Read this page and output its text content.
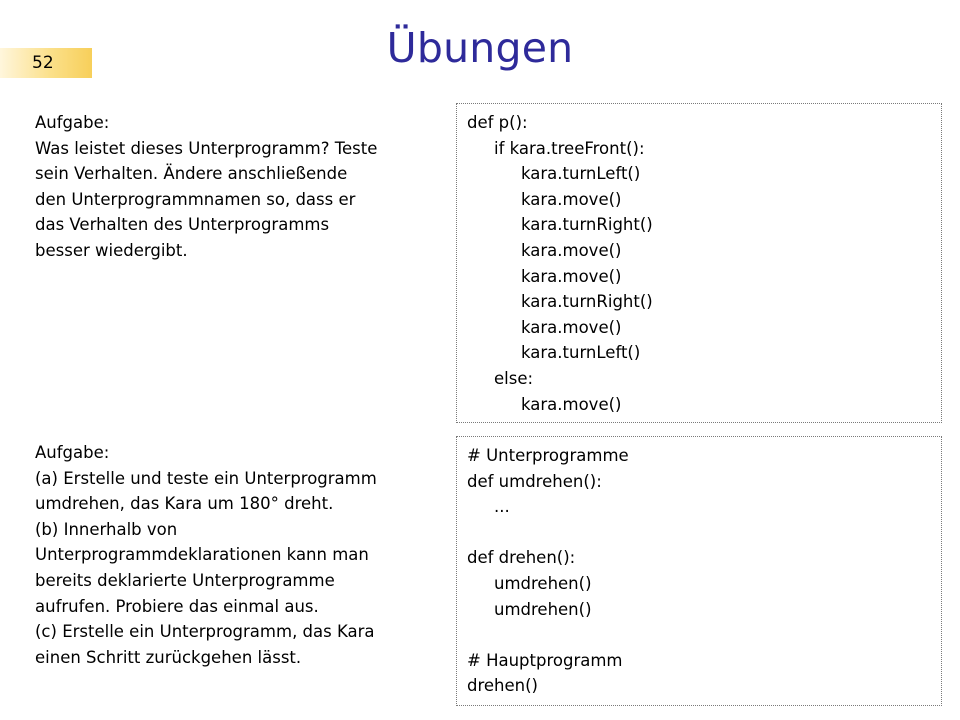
52	Übungen
Aufgabe:
Was leistet dieses Unterprogramm? Teste
sein Verhalten. Ändere anschließende
den Unterprogrammnamen so, dass er
das Verhalten des Unterprogramms
besser wiedergibt.
def p():
if kara.treeFront():
kara.turnLeft()
kara.move()
kara.turnRight()
kara.move()
kara.move()
kara.turnRight()
kara.move()
kara.turnLeft()
else:
kara.move()
Aufgabe:
(a) Erstelle und teste ein Unterprogramm
umdrehen, das Kara um 180° dreht.
(b) Innerhalb von
Unterprogrammdeklarationen kann man
bereits deklarierte Unterprogramme
aufrufen. Probiere das einmal aus.
(c) Erstelle ein Unterprogramm, das Kara
einen Schritt zurückgehen lässt.
# Unterprogramme
def umdrehen():
...
def drehen():
umdrehen()
umdrehen()
# Hauptprogramm
drehen()
